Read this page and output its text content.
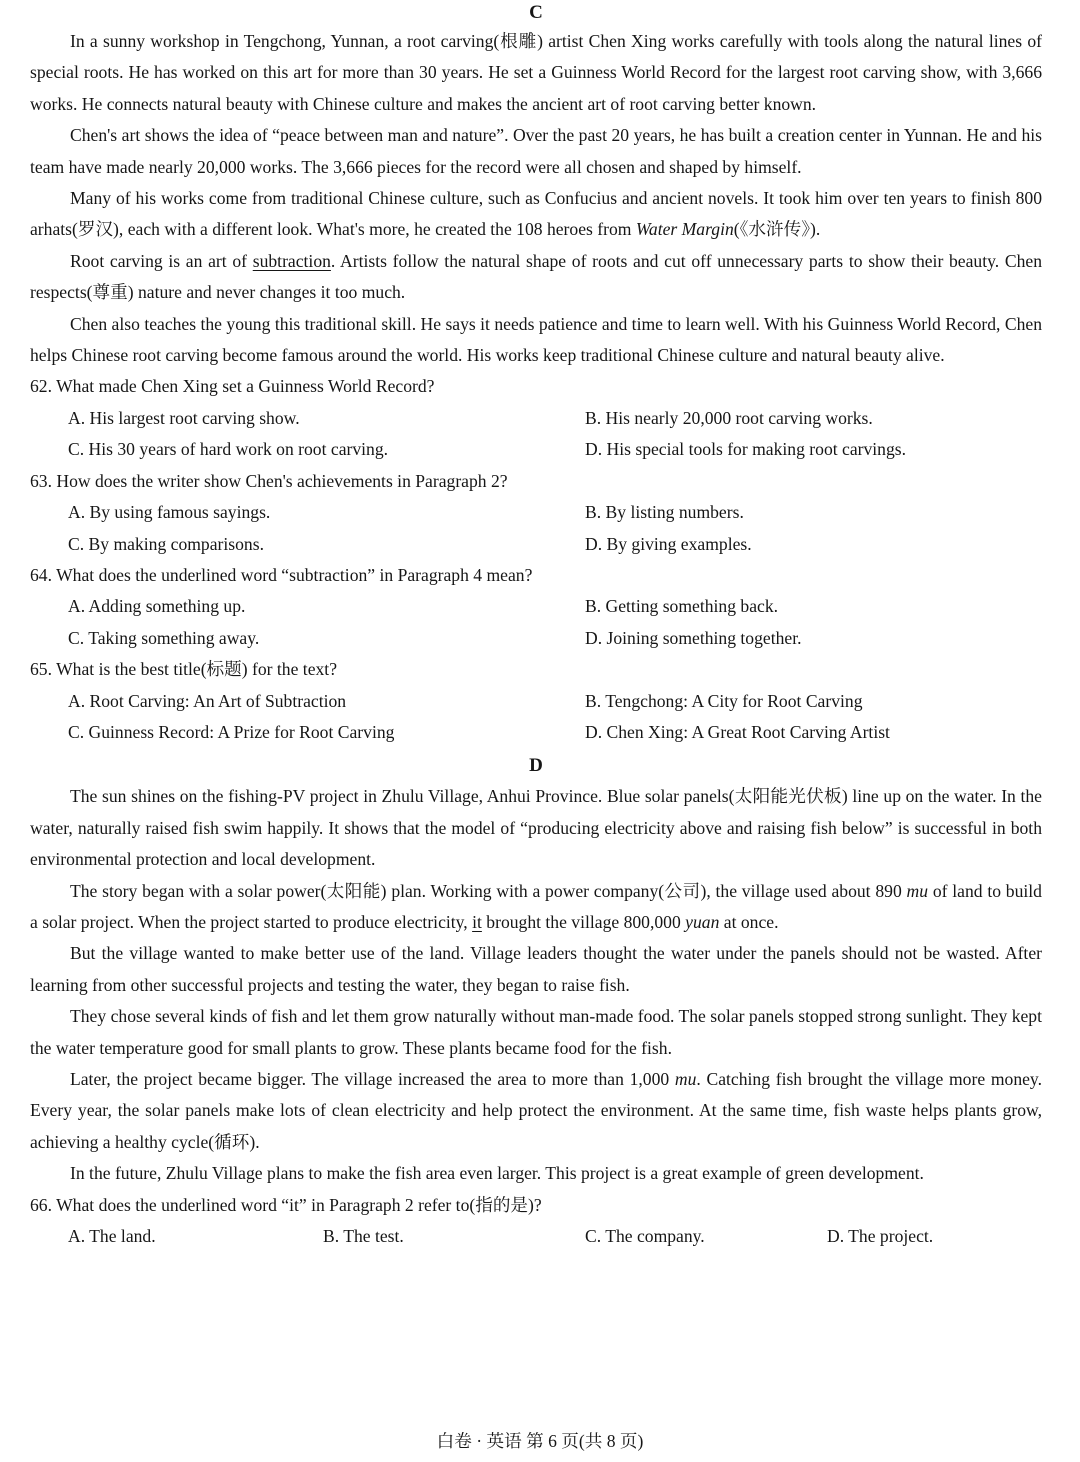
C

In a sunny workshop in Tengchong, Yunnan, a root carving(根雕) artist Chen Xing works carefully with tools along the natural lines of special roots. He has worked on this art for more than 30 years. He set a Guinness World Record for the largest root carving show, with 3,666 works. He connects natural beauty with Chinese culture and makes the ancient art of root carving better known.

Chen's art shows the idea of “peace between man and nature”. Over the past 20 years, he has built a creation center in Yunnan. He and his team have made nearly 20,000 works. The 3,666 pieces for the record were all chosen and shaped by himself.

Many of his works come from traditional Chinese culture, such as Confucius and ancient novels. It took him over ten years to finish 800 arhats(罗汉), each with a different look. What's more, he created the 108 heroes from Water Margin(《水浒传》).

Root carving is an art of subtraction. Artists follow the natural shape of roots and cut off unnecessary parts to show their beauty. Chen respects(尊重) nature and never changes it too much.

Chen also teaches the young this traditional skill. He says it needs patience and time to learn well. With his Guinness World Record, Chen helps Chinese root carving become famous around the world. His works keep traditional Chinese culture and natural beauty alive.

62. What made Chen Xing set a Guinness World Record?
A. His largest root carving show.	B. His nearly 20,000 root carving works.
C. His 30 years of hard work on root carving.	D. His special tools for making root carvings.
63. How does the writer show Chen's achievements in Paragraph 2?
A. By using famous sayings.	B. By listing numbers.
C. By making comparisons.	D. By giving examples.
64. What does the underlined word “subtraction” in Paragraph 4 mean?
A. Adding something up.	B. Getting something back.
C. Taking something away.	D. Joining something together.
65. What is the best title(标题) for the text?
A. Root Carving: An Art of Subtraction	B. Tengchong: A City for Root Carving
C. Guinness Record: A Prize for Root Carving	D. Chen Xing: A Great Root Carving Artist
D

The sun shines on the fishing-PV project in Zhulu Village, Anhui Province. Blue solar panels(太阳能光伏板) line up on the water. In the water, naturally raised fish swim happily. It shows that the model of “producing electricity above and raising fish below” is successful in both environmental protection and local development.

The story began with a solar power(太阳能) plan. Working with a power company(公司), the village used about 890 mu of land to build a solar project. When the project started to produce electricity, it brought the village 800,000 yuan at once.

But the village wanted to make better use of the land. Village leaders thought the water under the panels should not be wasted. After learning from other successful projects and testing the water, they began to raise fish.

They chose several kinds of fish and let them grow naturally without man-made food. The solar panels stopped strong sunlight. They kept the water temperature good for small plants to grow. These plants became food for the fish.

Later, the project became bigger. The village increased the area to more than 1,000 mu. Catching fish brought the village more money. Every year, the solar panels make lots of clean electricity and help protect the environment. At the same time, fish waste helps plants grow, achieving a healthy cycle(循环).

In the future, Zhulu Village plans to make the fish area even larger. This project is a great example of green development.

66. What does the underlined word “it” in Paragraph 2 refer to(指的是)?
A. The land.	B. The test.	C. The company.	D. The project.
白卷 · 英语 第 6 页(共 8 页)
